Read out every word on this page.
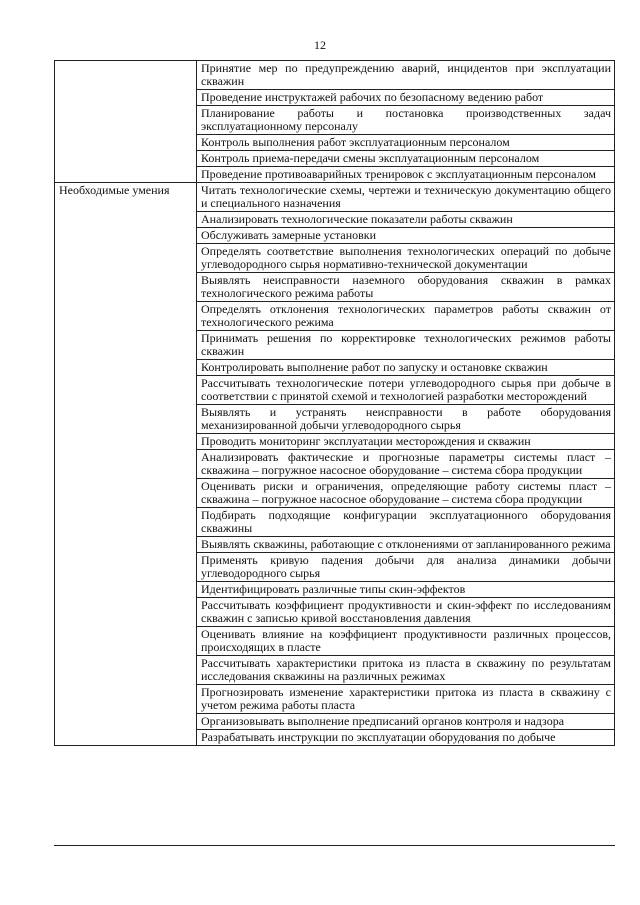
12
	Принятие мер по предупреждению аварий, инцидентов при эксплуатации скважин
	Проведение инструктажей рабочих по безопасному ведению работ
	Планирование работы и постановка производственных задач эксплуатационному персоналу
	Контроль выполнения работ эксплуатационным персоналом
	Контроль приема-передачи смены эксплуатационным персоналом
	Проведение противоаварийных тренировок с эксплуатационным персоналом
Необходимые умения	Читать технологические схемы, чертежи и техническую документацию общего и специального назначения
	Анализировать технологические показатели работы скважин
	Обслуживать замерные установки
	Определять соответствие выполнения технологических операций по добыче углеводородного сырья нормативно-технической документации
	Выявлять неисправности наземного оборудования скважин в рамках технологического режима работы
	Определять отклонения технологических параметров работы скважин от технологического режима
	Принимать решения по корректировке технологических режимов работы скважин
	Контролировать выполнение работ по запуску и остановке скважин
	Рассчитывать технологические потери углеводородного сырья при добыче в соответствии с принятой схемой и технологией разработки месторождений
	Выявлять и устранять неисправности в работе оборудования механизированной добычи углеводородного сырья
	Проводить мониторинг эксплуатации месторождения и скважин
	Анализировать фактические и прогнозные параметры системы пласт – скважина – погружное насосное оборудование – система сбора продукции
	Оценивать риски и ограничения, определяющие работу системы пласт – скважина – погружное насосное оборудование – система сбора продукции
	Подбирать подходящие конфигурации эксплуатационного оборудования скважины
	Выявлять скважины, работающие с отклонениями от запланированного режима
	Применять кривую падения добычи для анализа динамики добычи углеводородного сырья
	Идентифицировать различные типы скин-эффектов
	Рассчитывать коэффициент продуктивности и скин-эффект по исследованиям скважин с записью кривой восстановления давления
	Оценивать влияние на коэффициент продуктивности различных процессов, происходящих в пласте
	Рассчитывать характеристики притока из пласта в скважину по результатам исследования скважины на различных режимах
	Прогнозировать изменение характеристики притока из пласта в скважину с учетом режима работы пласта
	Организовывать выполнение предписаний органов контроля и надзора
	Разрабатывать инструкции по эксплуатации оборудования по добыче
